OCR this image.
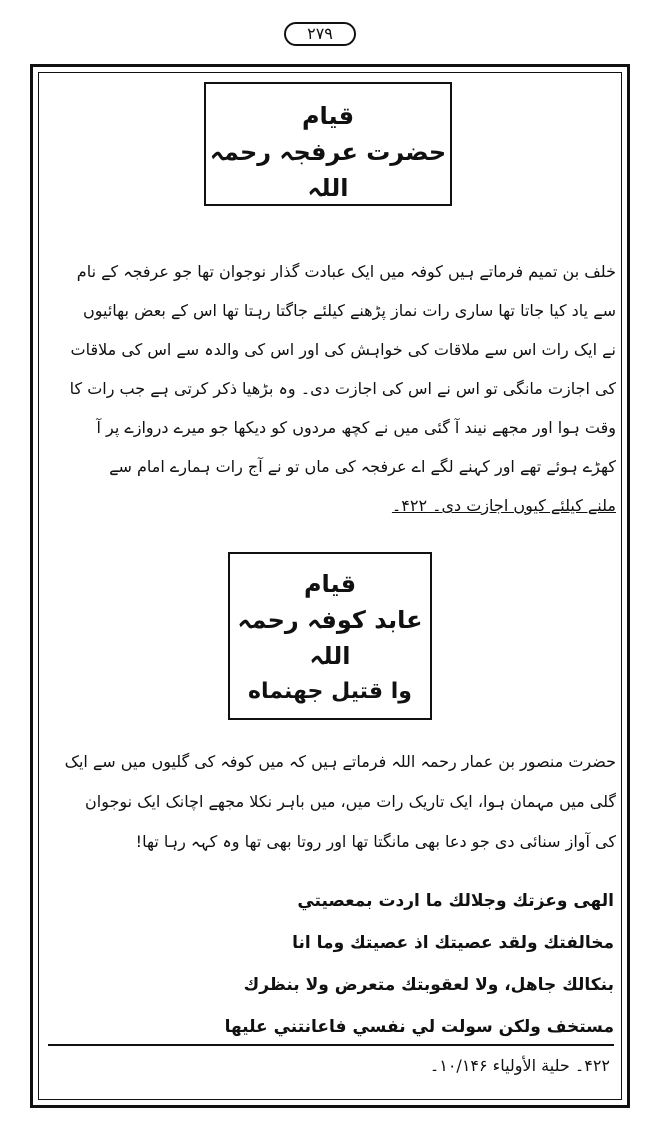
۲۷۹
قیام
حضرت عرفجہ رحمہ اللہ
خلف بن تمیم فرماتے ہیں کوفہ میں ایک عبادت گذار نوجوان تھا جو عرفجہ کے نام
سے یاد کیا جاتا تھا ساری رات نماز پڑھنے کیلئے جاگتا رہتا تھا اس کے بعض بھائیوں
نے ایک رات اس سے ملاقات کی خواہش کی اور اس کی والدہ سے اس کی ملاقات
کی اجازت مانگی تو اس نے اس کی اجازت دی۔ وہ بڑھیا ذکر کرتی ہے جب رات کا
وقت ہوا اور مجھے نیند آ گئی میں نے کچھ مردوں کو دیکھا جو میرے دروازے پر آ
کھڑے ہوئے تھے اور کہنے لگے اے عرفجہ کی ماں تو نے آج رات ہمارے امام سے
ملنے کیلئے کیوں اجازت دی۔ ۴۲۲۔
قیام
عابد کوفہ رحمہ اللہ
وا قتیل جهنماه
حضرت منصور بن عمار رحمہ اللہ فرماتے ہیں کہ میں کوفہ کی گلیوں میں سے ایک
گلی میں مہمان ہوا، ایک تاریک رات میں، میں باہر نکلا مجھے اچانک ایک نوجوان
کی آواز سنائی دی جو دعا بھی مانگتا تھا اور روتا بھی تھا وہ کہہ رہا تھا!
الهی وعزتك وجلالك ما اردت بمعصيتي
مخالفتك ولقد عصيتك اذ عصيتك وما انا
بنكالك جاهل، ولا لعقوبتك متعرض ولا بنظرك
مستخف ولكن سولت لي نفسي فاعانتني عليها
۴۲۲۔ حلیة الأولیاء ۱۰/۱۴۶۔
